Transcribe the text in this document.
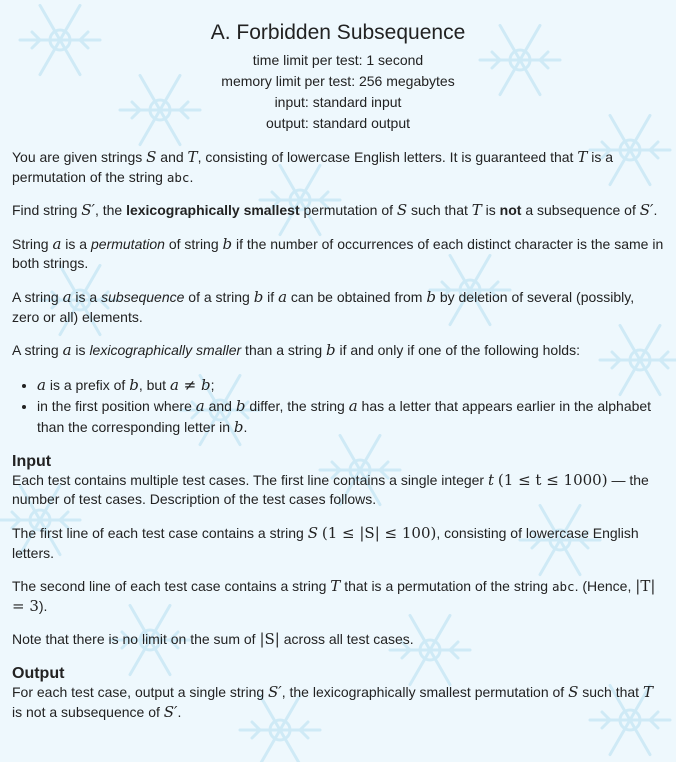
A. Forbidden Subsequence
time limit per test: 1 second
memory limit per test: 256 megabytes
input: standard input
output: standard output

You are given strings S and T, consisting of lowercase English letters. It is guaranteed that T is a permutation of the string abc.

Find string S′, the lexicographically smallest permutation of S such that T is not a subsequence of S′.

String a is a permutation of string b if the number of occurrences of each distinct character is the same in both strings.

A string a is a subsequence of a string b if a can be obtained from b by deletion of several (possibly, zero or all) elements.

A string a is lexicographically smaller than a string b if and only if one of the following holds:

• a is a prefix of b, but a ≠ b;
• in the first position where a and b differ, the string a has a letter that appears earlier in the alphabet than the corresponding letter in b.
Input

Each test contains multiple test cases. The first line contains a single integer t (1 ≤ t ≤ 1000) — the number of test cases. Description of the test cases follows.

The first line of each test case contains a string S (1 ≤ |S| ≤ 100), consisting of lowercase English letters.

The second line of each test case contains a string T that is a permutation of the string abc. (Hence, |T| = 3).

Note that there is no limit on the sum of |S| across all test cases.

Output

For each test case, output a single string S′, the lexicographically smallest permutation of S such that T is not a subsequence of S′.
